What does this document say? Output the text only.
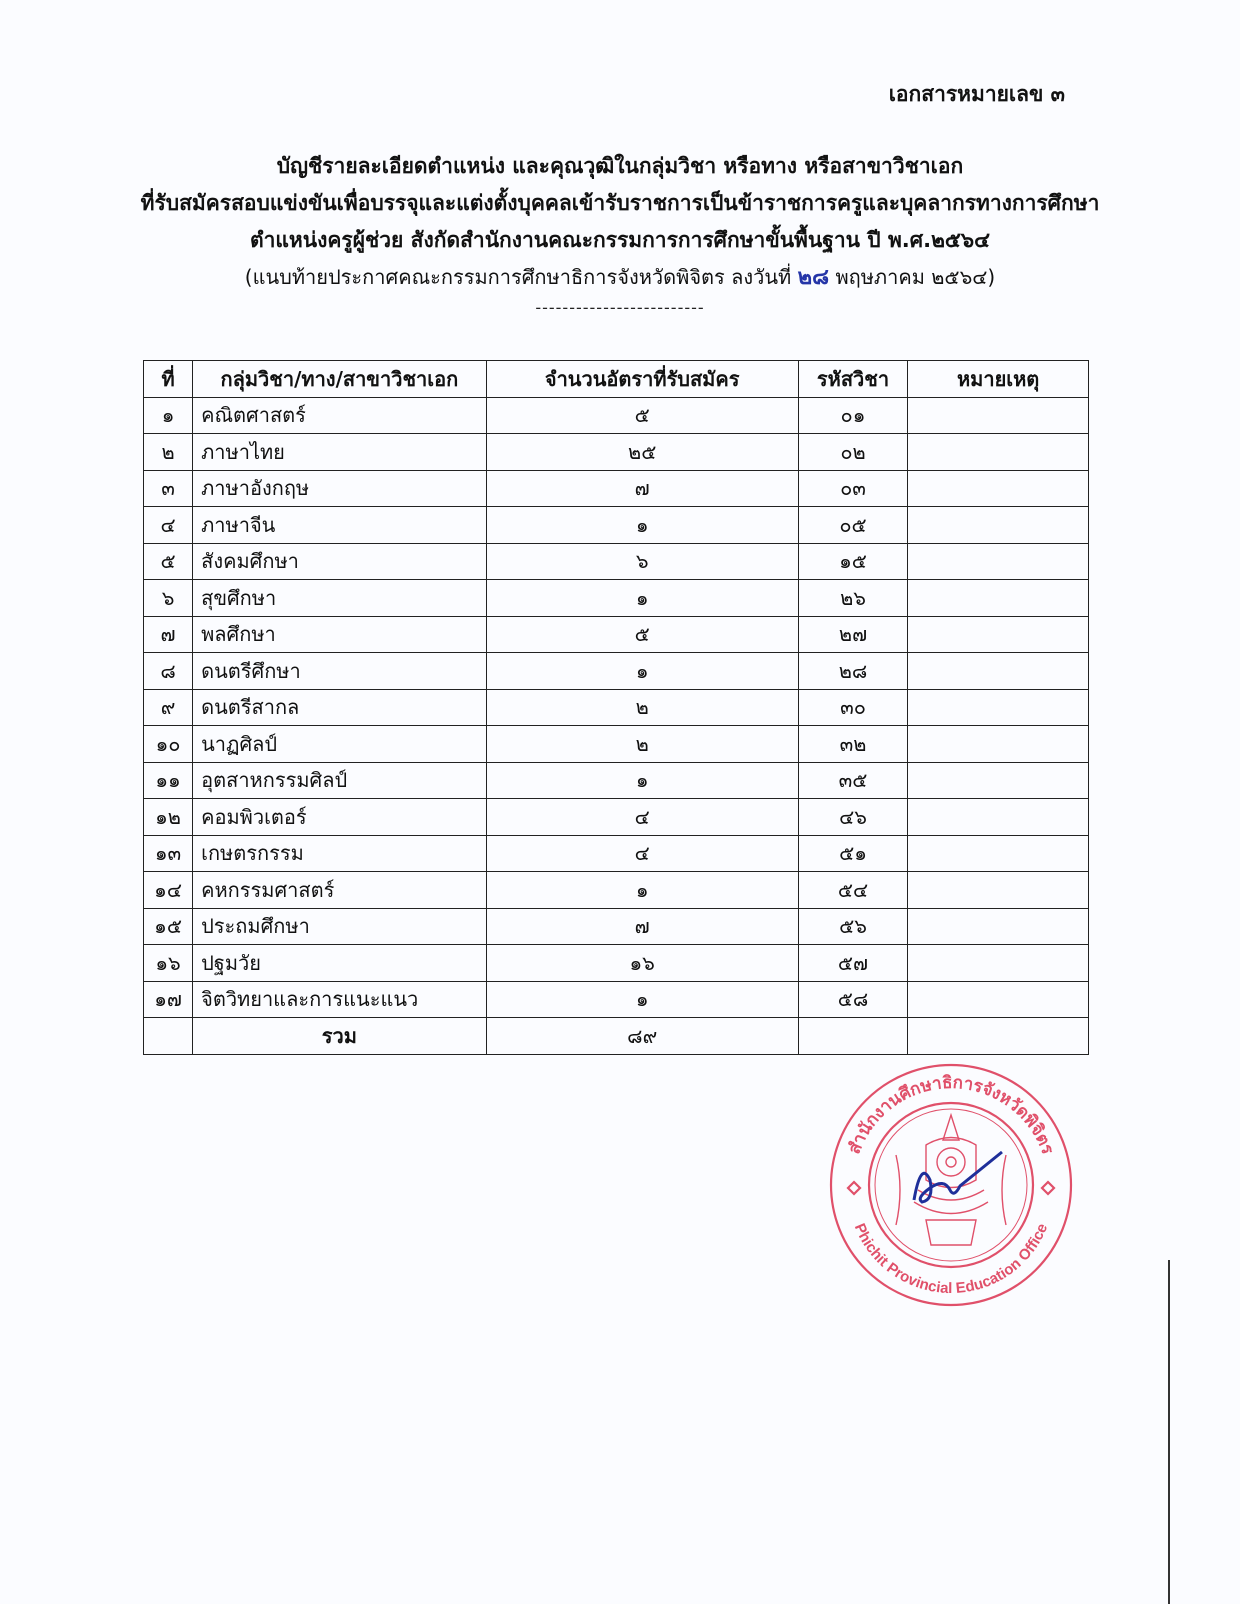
เอกสารหมายเลข ๓
บัญชีรายละเอียดตำแหน่ง และคุณวุฒิในกลุ่มวิชา หรือทาง หรือสาขาวิชาเอก
ที่รับสมัครสอบแข่งขันเพื่อบรรจุและแต่งตั้งบุคคลเข้ารับราชการเป็นข้าราชการครูและบุคลากรทางการศึกษา
ตำแหน่งครูผู้ช่วย สังกัดสำนักงานคณะกรรมการการศึกษาขั้นพื้นฐาน ปี พ.ศ.๒๕๖๔
(แนบท้ายประกาศคณะกรรมการศึกษาธิการจังหวัดพิจิตร ลงวันที่ ๒๘ พฤษภาคม ๒๕๖๔)
-------------------------
ที่	กลุ่มวิชา/ทาง/สาขาวิชาเอก	จำนวนอัตราที่รับสมัคร	รหัสวิชา	หมายเหตุ
๑	คณิตศาสตร์	๕	๐๑	
๒	ภาษาไทย	๒๕	๐๒	
๓	ภาษาอังกฤษ	๗	๐๓	
๔	ภาษาจีน	๑	๐๕	
๕	สังคมศึกษา	๖	๑๕	
๖	สุขศึกษา	๑	๒๖	
๗	พลศึกษา	๕	๒๗	
๘	ดนตรีศึกษา	๑	๒๘	
๙	ดนตรีสากล	๒	๓๐	
๑๐	นาฏศิลป์	๒	๓๒	
๑๑	อุตสาหกรรมศิลป์	๑	๓๕	
๑๒	คอมพิวเตอร์	๔	๔๖	
๑๓	เกษตรกรรม	๔	๕๑	
๑๔	คหกรรมศาสตร์	๑	๕๔	
๑๕	ประถมศึกษา	๗	๕๖	
๑๖	ปฐมวัย	๑๖	๕๗	
๑๗	จิตวิทยาและการแนะแนว	๑	๕๘	
	รวม	๘๙		
สำนักงานศึกษาธิการจังหวัดพิจิตร
Phichit Provincial Education Office
